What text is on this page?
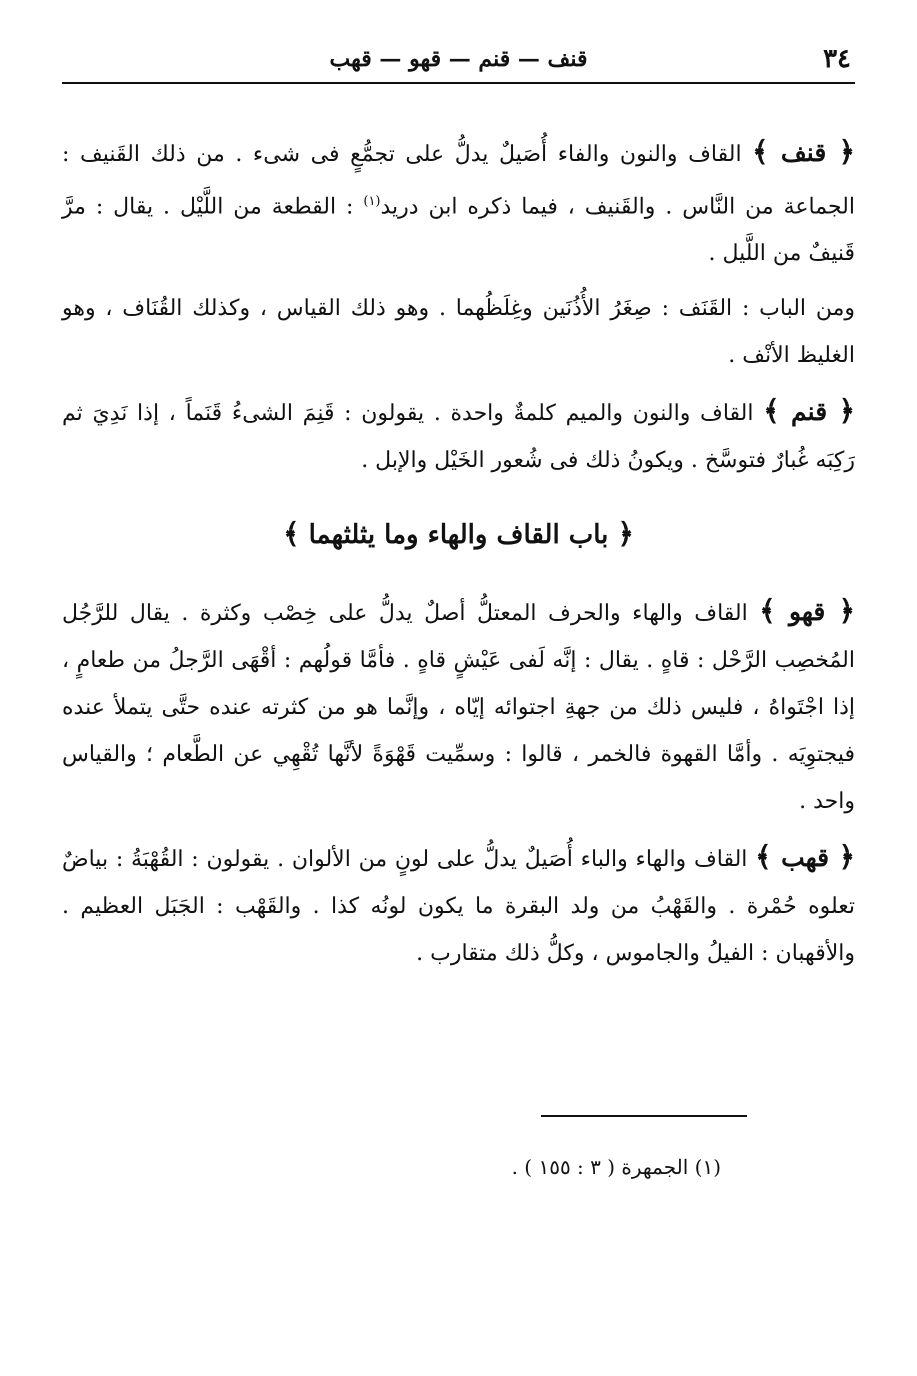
٣٤
قنف — قنم — قهو — قهب

﴿ قنف ﴾ القاف والنون والفاء أُصَيلٌ يدلُّ على تجمُّعٍ فى شىء . من ذلك القَنيف : الجماعة من النَّاس . والقَنيف ، فيما ذكره ابن دريد$^{(١)}$ : القطعة من اللَّيْل . يقال : مرَّ قَنيفٌ من اللَّيل .

ومن الباب : القَنَف : صِغَرُ الأُذُنَين وغِلَظُهما . وهو ذلك القياس ، وكذلك القُنَاف ، وهو الغليظ الأنْف .

﴿ قنم ﴾ القاف والنون والميم كلمةٌ واحدة . يقولون : قَنِمَ الشىءُ قَنَماً ، إذا نَدِيَ ثم رَكِبَه غُبارٌ فتوسَّخ . ويكونُ ذلك فى شُعور الخَيْل والإبل .

﴿ باب القاف والهاء وما يثلثهما ﴾

﴿ قهو ﴾ القاف والهاء والحرف المعتلُّ أصلٌ يدلُّ على خِصْب وكثرة . يقال للرَّجُل المُخصِب الرَّحْل : قاهٍ . يقال : إنَّه لَفى عَيْشٍ قاهٍ . فأمَّا قولُهم : أقْهَى الرَّجلُ من طعامٍ ، إذا اجْتَواهُ ، فليس ذلك من جهةِ اجتوائه إيّاه ، وإنَّما هو من كثرته عنده حتَّى يتملأ عنده فيجتوِيَه . وأمَّا القهوة فالخمر ، قالوا : وسمِّيت قَهْوَةً لأنَّها تُقْهِي عن الطَّعام ؛ والقياس واحد .

﴿ قهب ﴾ القاف والهاء والباء أُصَيلٌ يدلُّ على لونٍ من الألوان . يقولون : القُهْبَةُ : بياضٌ تعلوه حُمْرة . والقَهْبُ من ولد البقرة ما يكون لونُه كذا . والقَهْب : الجَبَل العظيم . والأقهبان : الفيلُ والجاموس ، وكلُّ ذلك متقارب .

(١) الجمهرة ( ٣ : ١٥٥ ) .
